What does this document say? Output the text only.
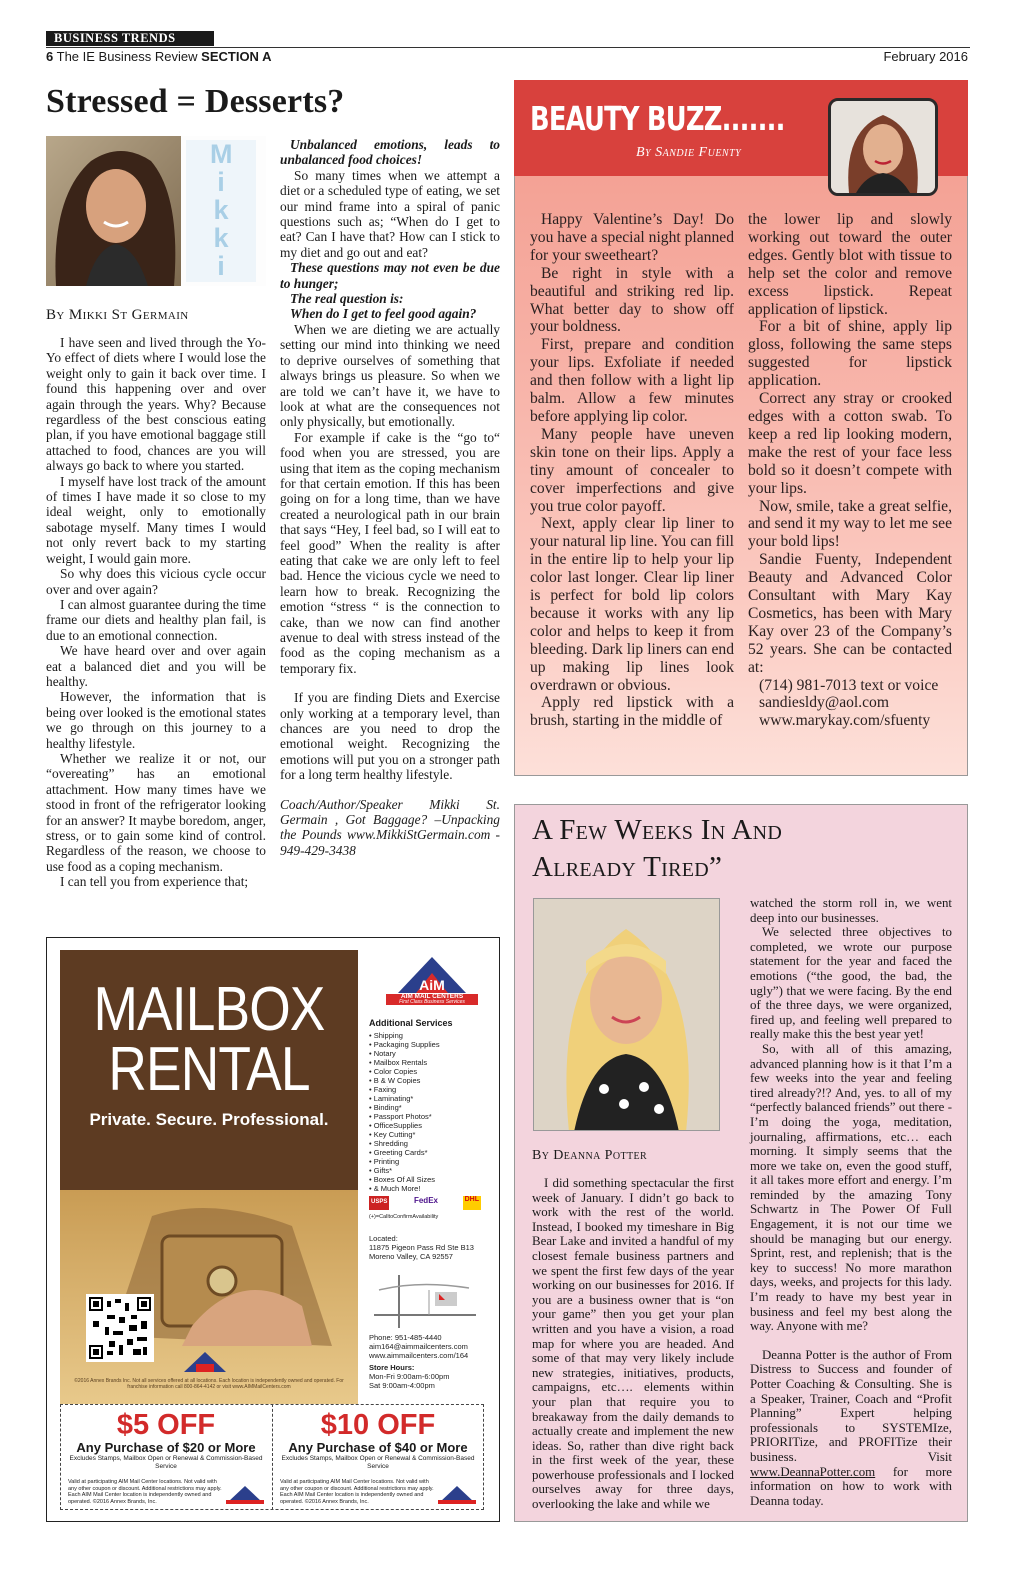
BUSINESS TRENDS
6 The IE Business Review SECTION A	February 2016
Stressed = Desserts?
Mikki
By Mikki St Germain

I have seen and lived through the Yo-Yo effect of diets where I would lose the weight only to gain it back over time. I found this happening over and over again through the years. Why? Because regardless of the best conscious eating plan, if you have emotional baggage still attached to food, chances are you will always go back to where you started.

I myself have lost track of the amount of times I have made it so close to my ideal weight, only to emotionally sabotage myself. Many times I would not only revert back to my starting weight, I would gain more.

So why does this vicious cycle occur over and over again?

I can almost guarantee during the time frame our diets and healthy plan fail, is due to an emotional connection.

We have heard over and over again eat a balanced diet and you will be healthy.

However, the information that is being over looked is the emotional states we go through on this journey to a healthy lifestyle.

Whether we realize it or not, our “overeating” has an emotional attachment. How many times have we stood in front of the refrigerator looking for an answer? It maybe boredom, anger, stress, or to gain some kind of control. Regardless of the reason, we choose to use food as a coping mechanism.

I can tell you from experience that;

Unbalanced emotions, leads to unbalanced food choices!

So many times when we attempt a diet or a scheduled type of eating, we set our mind frame into a spiral of panic questions such as; “When do I get to eat? Can I have that? How can I stick to my diet and go out and eat?

These questions may not even be due to hunger;

The real question is:

When do I get to feel good again?

When we are dieting we are actually setting our mind into thinking we need to deprive ourselves of something that always brings us pleasure. So when we are told we can’t have it, we have to look at what are the consequences not only physically, but emotionally.

For example if cake is the “go to“ food when you are stressed, you are using that item as the coping mechanism for that certain emotion. If this has been going on for a long time, than we have created a neurological path in our brain that says “Hey, I feel bad, so I will eat to feel good” When the reality is after eating that cake we are only left to feel bad. Hence the vicious cycle we need to learn how to break. Recognizing the emotion “stress “ is the connection to cake, than we now can find another avenue to deal with stress instead of the food as the coping mechanism as a temporary fix.

If you are finding Diets and Exercise only working at a temporary level, than chances are you need to drop the emotional weight. Recognizing the emotions will put you on a stronger path for a long term healthy lifestyle.

Coach/Author/Speaker Mikki St. Germain , Got Baggage? –Unpacking the Pounds www.MikkiStGermain.com - 949-429-3438

BEAUTY BUZZ.......
By Sandie Fuenty

Happy Valentine’s Day! Do you have a special night planned for your sweetheart?

Be right in style with a beautiful and striking red lip. What better day to show off your boldness.

First, prepare and condition your lips. Exfoliate if needed and then follow with a light lip balm. Allow a few minutes before applying lip color.

Many people have uneven skin tone on their lips. Apply a tiny amount of concealer to cover imperfections and give you true color payoff.

Next, apply clear lip liner to your natural lip line. You can fill in the entire lip to help your lip color last longer. Clear lip liner is perfect for bold lip colors because it works with any lip color and helps to keep it from bleeding. Dark lip liners can end up making lip lines look overdrawn or obvious.

Apply red lipstick with a brush, starting in the middle of

the lower lip and slowly working out toward the outer edges. Gently blot with tissue to help set the color and remove excess lipstick. Repeat application of lipstick.

For a bit of shine, apply lip gloss, following the same steps suggested for lipstick application.

Correct any stray or crooked edges with a cotton swab. To keep a red lip looking modern, make the rest of your face less bold so it doesn’t compete with your lips.

Now, smile, take a great selfie, and send it my way to let me see your bold lips!

Sandie Fuenty, Independent Beauty and Advanced Color Consultant with Mary Kay Cosmetics, has been with Mary Kay over 23 of the Company’s 52 years. She can be contacted at:

(714) 981-7013 text or voice

sandiesldy@aol.com

www.marykay.com/sfuenty

A Few Weeks In And
Already Tired”
By Deanna Potter

I did something spectacular the first week of January. I didn’t go back to work with the rest of the world. Instead, I booked my timeshare in Big Bear Lake and invited a handful of my closest female business partners and we spent the first few days of the year working on our businesses for 2016. If you are a business owner that is “on your game” then you get your plan written and you have a vision, a road map for where you are headed. And some of that may very likely include new strategies, initiatives, products, campaigns, etc…. elements within your plan that require you to breakaway from the daily demands to actually create and implement the new ideas. So, rather than dive right back in the first week of the year, these powerhouse professionals and I locked ourselves away for three days, overlooking the lake and while we

watched the storm roll in, we went deep into our businesses.

We selected three objectives to completed, we wrote our purpose statement for the year and faced the emotions (“the good, the bad, the ugly”) that we were facing. By the end of the three days, we were organized, fired up, and feeling well prepared to really make this the best year yet!

So, with all of this amazing, advanced planning how is it that I’m a few weeks into the year and feeling tired already?!? And, yes. to all of my “perfectly balanced friends” out there - I’m doing the yoga, meditation, journaling, affirmations, etc… each morning. It simply seems that the more we take on, even the good stuff, it all takes more effort and energy. I’m reminded by the amazing Tony Schwartz in The Power Of Full Engagement, it is not our time we should be managing but our energy. Sprint, rest, and replenish; that is the key to success! No more marathon days, weeks, and projects for this lady. I’m ready to have my best year in business and feel my best along the way. Anyone with me?

Deanna Potter is the author of From Distress to Success and founder of Potter Coaching & Consulting. She is a Speaker, Trainer, Coach and “Profit Planning” Expert helping professionals to SYSTEMIze, PRIORITize, and PROFITize their business. Visit www.DeannaPotter.com for more information on how to work with Deanna today.

MAILBOX
RENTAL
Private. Secure. Professional.
©2016 Annex Brands Inc. Not all services offered at all locations. Each location is independently owned and operated. For franchise information call 800-864-4142 or visit www.AIMMailCenters.com
AiM
AIM MAIL CENTERS
First Class Business Services
Additional Services
• Shipping
• Packaging Supplies
• Notary
• Mailbox Rentals
• Color Copies
• B & W Copies
• Faxing
• Laminating*
• Binding*
• Passport Photos*
• OfficeSupplies
• Key Cutting*
• Shredding
• Greeting Cards*
• Printing
• Gifts*
• Boxes Of All Sizes
• & Much More!
USPS	FedEx	DHL
(+)=CalltoConfirmAvailability
Located:
11875 Pigeon Pass Rd Ste B13
Moreno Valley, CA 92557
Phone: 951-485-4440
aim164@aimmailcenters.com
www.aimmailcenters.com/164
Store Hours:
Mon-Fri 9:00am-6:00pm
Sat 9:00am-4:00pm
$5 OFF
Any Purchase of $20 or More
Excludes Stamps, Mailbox Open or Renewal & Commission-Based Service
Valid at participating AIM Mail Center locations. Not valid with any other coupon or discount. Additional restrictions may apply. Each AIM Mail Center location is independently owned and operated. ©2016 Annex Brands, Inc.
$10 OFF
Any Purchase of $40 or More
Excludes Stamps, Mailbox Open or Renewal & Commission-Based Service
Valid at participating AIM Mail Center locations. Not valid with any other coupon or discount. Additional restrictions may apply. Each AIM Mail Center location is independently owned and operated. ©2016 Annex Brands, Inc.
